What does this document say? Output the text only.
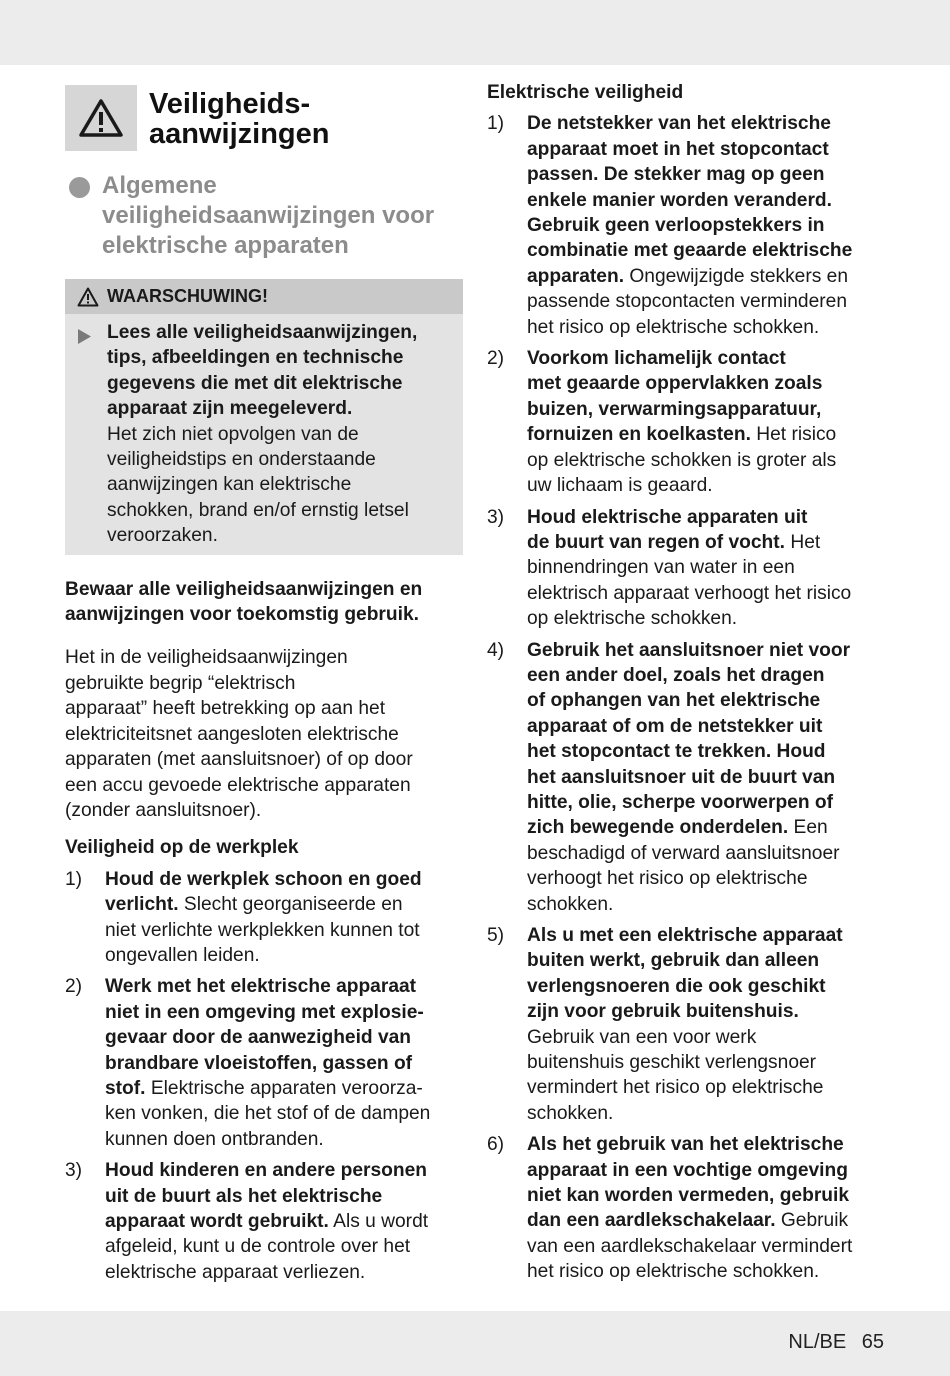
Veiligheids-
aanwijzingen
Algemene
veiligheidsaanwijzingen voor
elektrische apparaten
WAARSCHUWING!
Lees alle veiligheidsaanwijzingen,
tips, afbeeldingen en technische
gegevens die met dit elektrische
apparaat zijn meegeleverd.
Het zich niet opvolgen van de
veiligheidstips en onderstaande
aanwijzingen kan elektrische
schokken, brand en/of ernstig letsel
veroorzaken.
Bewaar alle veiligheidsaanwijzingen en
aanwijzingen voor toekomstig gebruik.
Het in de veiligheidsaanwijzingen
gebruikte begrip “elektrisch
apparaat” heeft betrekking op aan het
elektriciteitsnet aangesloten elektrische
apparaten (met aansluitsnoer) of op door
een accu gevoede elektrische apparaten
(zonder aansluitsnoer).
Veiligheid op de werkplek
1)	Houd de werkplek schoon en goed
verlicht. Slecht georganiseerde en
niet verlichte werkplekken kunnen tot
ongevallen leiden.
2)	Werk met het elektrische apparaat
niet in een omgeving met explosie-
gevaar door de aanwezigheid van
brandbare vloeistoffen, gassen of
stof. Elektrische apparaten veroorza-
ken vonken, die het stof of de dampen
kunnen doen ontbranden.
3)	Houd kinderen en andere personen
uit de buurt als het elektrische
apparaat wordt gebruikt. Als u wordt
afgeleid, kunt u de controle over het
elektrische apparaat verliezen.
Elektrische veiligheid
1)	De netstekker van het elektrische
apparaat moet in het stopcontact
passen. De stekker mag op geen
enkele manier worden veranderd.
Gebruik geen verloopstekkers in
combinatie met geaarde elektrische
apparaten. Ongewijzigde stekkers en
passende stopcontacten verminderen
het risico op elektrische schokken.
2)	Voorkom lichamelijk contact
met geaarde oppervlakken zoals
buizen, verwarmingsapparatuur,
fornuizen en koelkasten. Het risico
op elektrische schokken is groter als
uw lichaam is geaard.
3)	Houd elektrische apparaten uit
de buurt van regen of vocht. Het
binnendringen van water in een
elektrisch apparaat verhoogt het risico
op elektrische schokken.
4)	Gebruik het aansluitsnoer niet voor
een ander doel, zoals het dragen
of ophangen van het elektrische
apparaat of om de netstekker uit
het stopcontact te trekken. Houd
het aansluitsnoer uit de buurt van
hitte, olie, scherpe voorwerpen of
zich bewegende onderdelen. Een
beschadigd of verward aansluitsnoer
verhoogt het risico op elektrische
schokken.
5)	Als u met een elektrische apparaat
buiten werkt, gebruik dan alleen
verlengsnoeren die ook geschikt
zijn voor gebruik buitenshuis.
Gebruik van een voor werk
buitenshuis geschikt verlengsnoer
vermindert het risico op elektrische
schokken.
6)	Als het gebruik van het elektrische
apparaat in een vochtige omgeving
niet kan worden vermeden, gebruik
dan een aardlekschakelaar. Gebruik
van een aardlekschakelaar vermindert
het risico op elektrische schokken.
NL/BE 65
